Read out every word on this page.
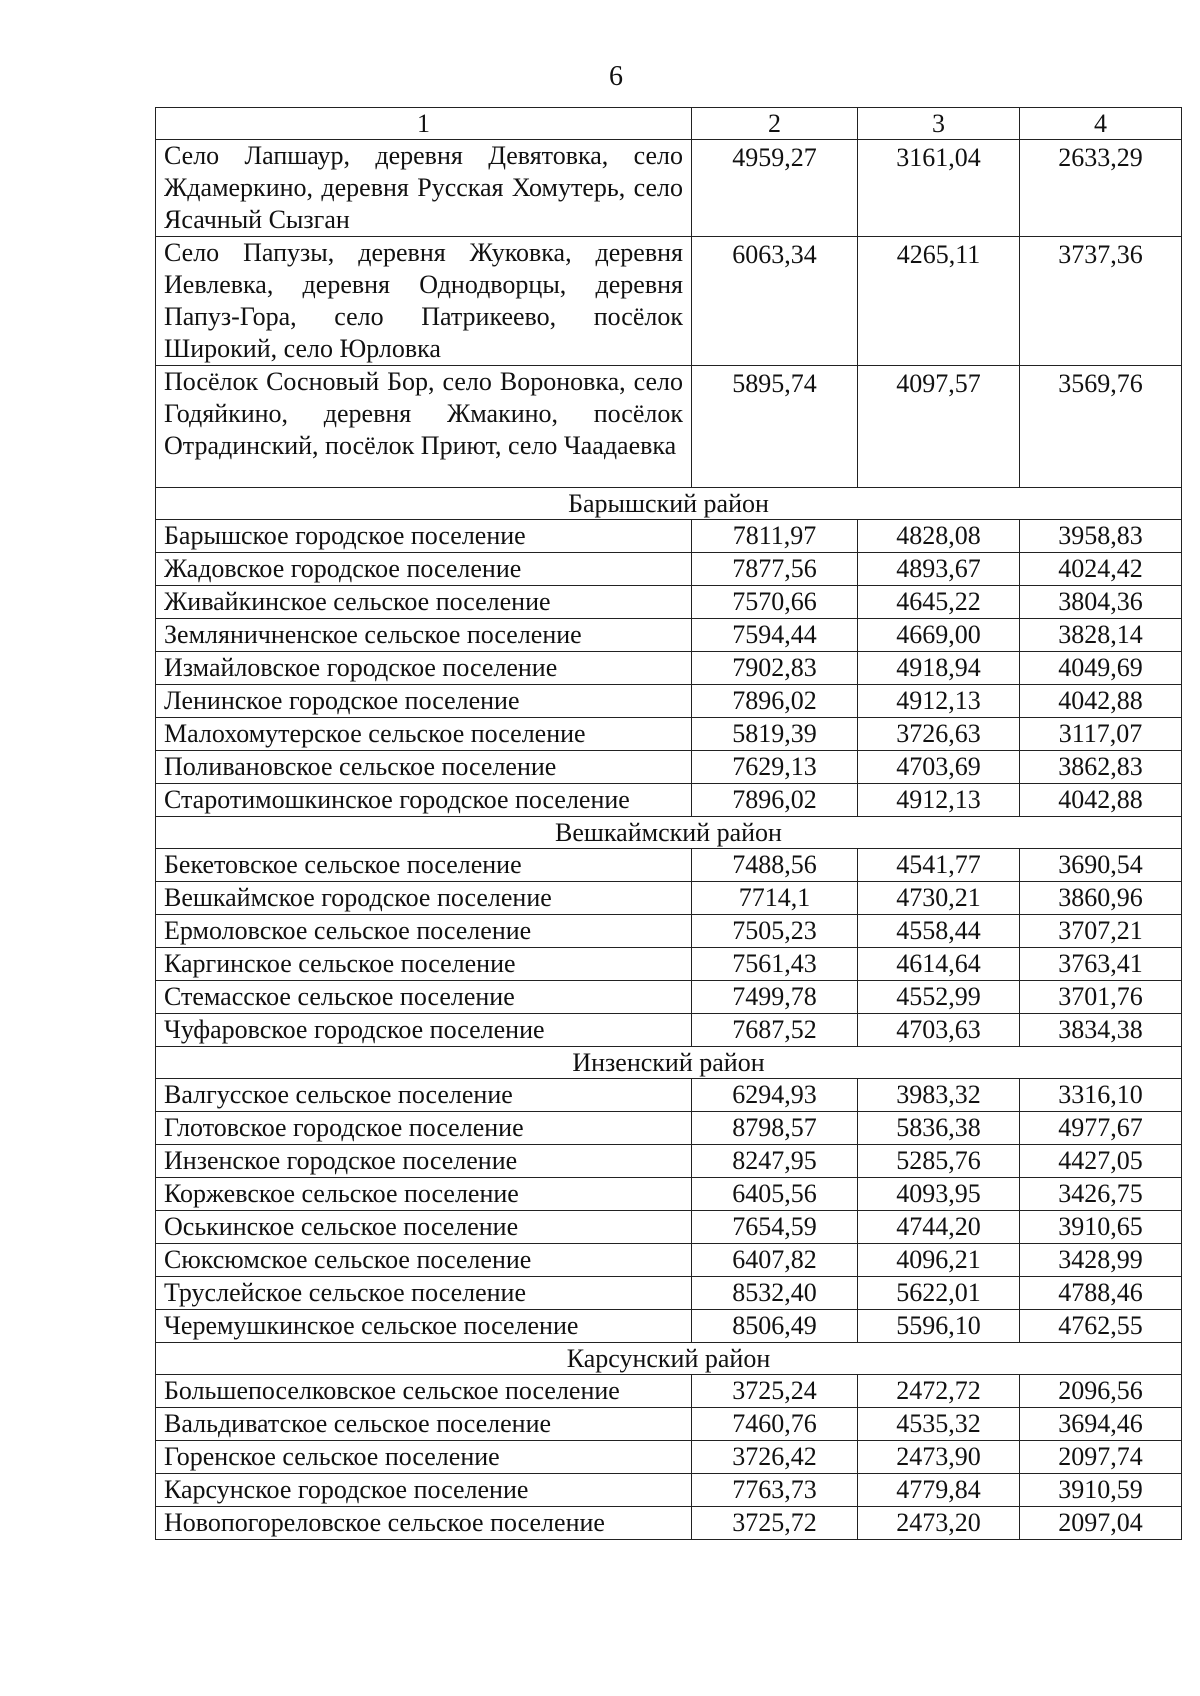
6
1	2	3	4
Село Лапшаур, деревня Девятовка, село Ждамеркино, деревня Русская Хомутерь, село Ясачный Сызган	4959,27	3161,04	2633,29
Село Папузы, деревня Жуковка, деревня Иевлевка, деревня Однодворцы, деревня Папуз-Гора, село Патрикеево, посёлок Широкий, село Юрловка	6063,34	4265,11	3737,36
Посёлок Сосновый Бор, село Вороновка, село Годяйкино, деревня Жмакино, посёлок Отрадинский, посёлок Приют, село Чаадаевка	5895,74	4097,57	3569,76
Барышский район			
Барышское городское поселение	7811,97	4828,08	3958,83
Жадовское городское поселение	7877,56	4893,67	4024,42
Живайкинское сельское поселение	7570,66	4645,22	3804,36
Земляничненское сельское поселение	7594,44	4669,00	3828,14
Измайловское городское поселение	7902,83	4918,94	4049,69
Ленинское городское поселение	7896,02	4912,13	4042,88
Малохомутерское сельское поселение	5819,39	3726,63	3117,07
Поливановское сельское поселение	7629,13	4703,69	3862,83
Старотимошкинское городское поселение	7896,02	4912,13	4042,88
Вешкаймский район			
Бекетовское сельское поселение	7488,56	4541,77	3690,54
Вешкаймское городское поселение	7714,1	4730,21	3860,96
Ермоловское сельское поселение	7505,23	4558,44	3707,21
Каргинское сельское поселение	7561,43	4614,64	3763,41
Стемасское сельское поселение	7499,78	4552,99	3701,76
Чуфаровское городское поселение	7687,52	4703,63	3834,38
Инзенский район			
Валгусское сельское поселение	6294,93	3983,32	3316,10
Глотовское городское поселение	8798,57	5836,38	4977,67
Инзенское городское поселение	8247,95	5285,76	4427,05
Коржевское сельское поселение	6405,56	4093,95	3426,75
Оськинское сельское поселение	7654,59	4744,20	3910,65
Сюксюмское сельское поселение	6407,82	4096,21	3428,99
Труслейское сельское поселение	8532,40	5622,01	4788,46
Черемушкинское сельское поселение	8506,49	5596,10	4762,55
Карсунский район			
Большепоселковское сельское поселение	3725,24	2472,72	2096,56
Вальдиватское сельское поселение	7460,76	4535,32	3694,46
Горенское сельское поселение	3726,42	2473,90	2097,74
Карсунское городское поселение	7763,73	4779,84	3910,59
Новопогореловское сельское поселение	3725,72	2473,20	2097,04
